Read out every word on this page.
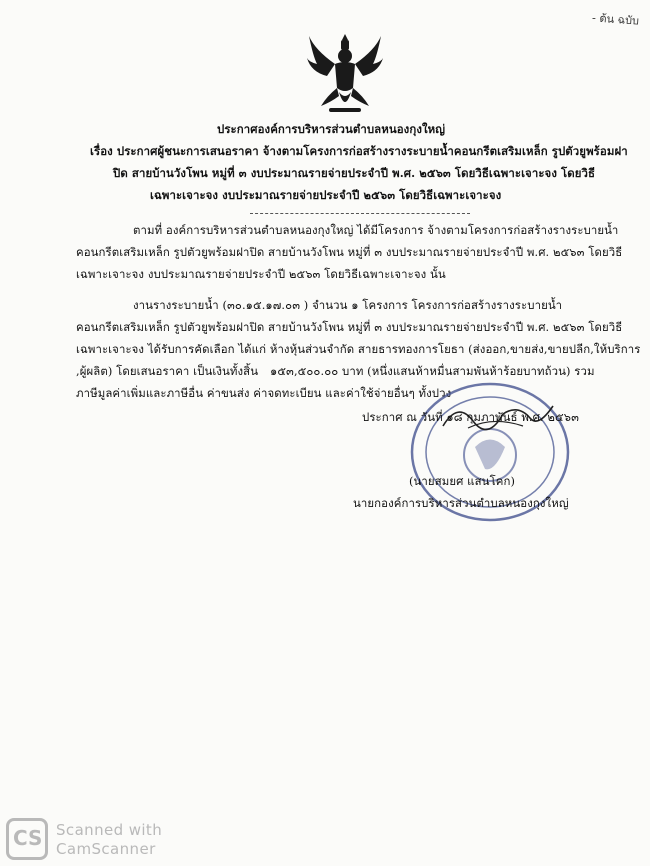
- ต้น ฉบับ
ประกาศองค์การบริหารส่วนตำบลหนองกุงใหญ่
เรื่อง ประกาศผู้ชนะการเสนอราคา จ้างตามโครงการก่อสร้างรางระบายน้ำคอนกรีตเสริมเหล็ก รูปตัวยูพร้อมฝา
ปิด สายบ้านวังโพน หมู่ที่ ๓ งบประมาณรายจ่ายประจำปี พ.ศ. ๒๕๖๓ โดยวิธีเฉพาะเจาะจง โดยวิธี
เฉพาะเจาะจง งบประมาณรายจ่ายประจำปี ๒๕๖๓ โดยวิธีเฉพาะเจาะจง
ตามที่ องค์การบริหารส่วนตำบลหนองกุงใหญ่ ได้มีโครงการ จ้างตามโครงการก่อสร้างรางระบายน้ำ
คอนกรีตเสริมเหล็ก รูปตัวยูพร้อมฝาปิด สายบ้านวังโพน หมู่ที่ ๓ งบประมาณรายจ่ายประจำปี พ.ศ. ๒๕๖๓ โดยวิธี
เฉพาะเจาะจง งบประมาณรายจ่ายประจำปี ๒๕๖๓ โดยวิธีเฉพาะเจาะจง นั้น
งานรางระบายน้ำ (๓๐.๑๕.๑๗.๐๓ ) จำนวน ๑ โครงการ โครงการก่อสร้างรางระบายน้ำ
คอนกรีตเสริมเหล็ก รูปตัวยูพร้อมฝาปิด สายบ้านวังโพน หมู่ที่ ๓ งบประมาณรายจ่ายประจำปี พ.ศ. ๒๕๖๓ โดยวิธี
เฉพาะเจาะจง ได้รับการคัดเลือก ได้แก่ ห้างหุ้นส่วนจำกัด สายธารทองการโยธา (ส่งออก,ขายส่ง,ขายปลีก,ให้บริการ
,ผู้ผลิต) โดยเสนอราคา เป็นเงินทั้งสิ้น ๑๕๓,๕๐๐.๐๐ บาท (หนึ่งแสนห้าหมื่นสามพันห้าร้อยบาทถ้วน) รวม
ภาษีมูลค่าเพิ่มและภาษีอื่น ค่าขนส่ง ค่าจดทะเบียน และค่าใช้จ่ายอื่นๆ ทั้งปวง
ประกาศ ณ วันที่ ๑๘ กุมภาพันธ์ พ.ศ. ๒๕๖๓
(นายสมยศ แสนโคก)
นายกองค์การบริหารส่วนตำบลหนองกุงใหญ่
CS Scanned with
CamScanner
